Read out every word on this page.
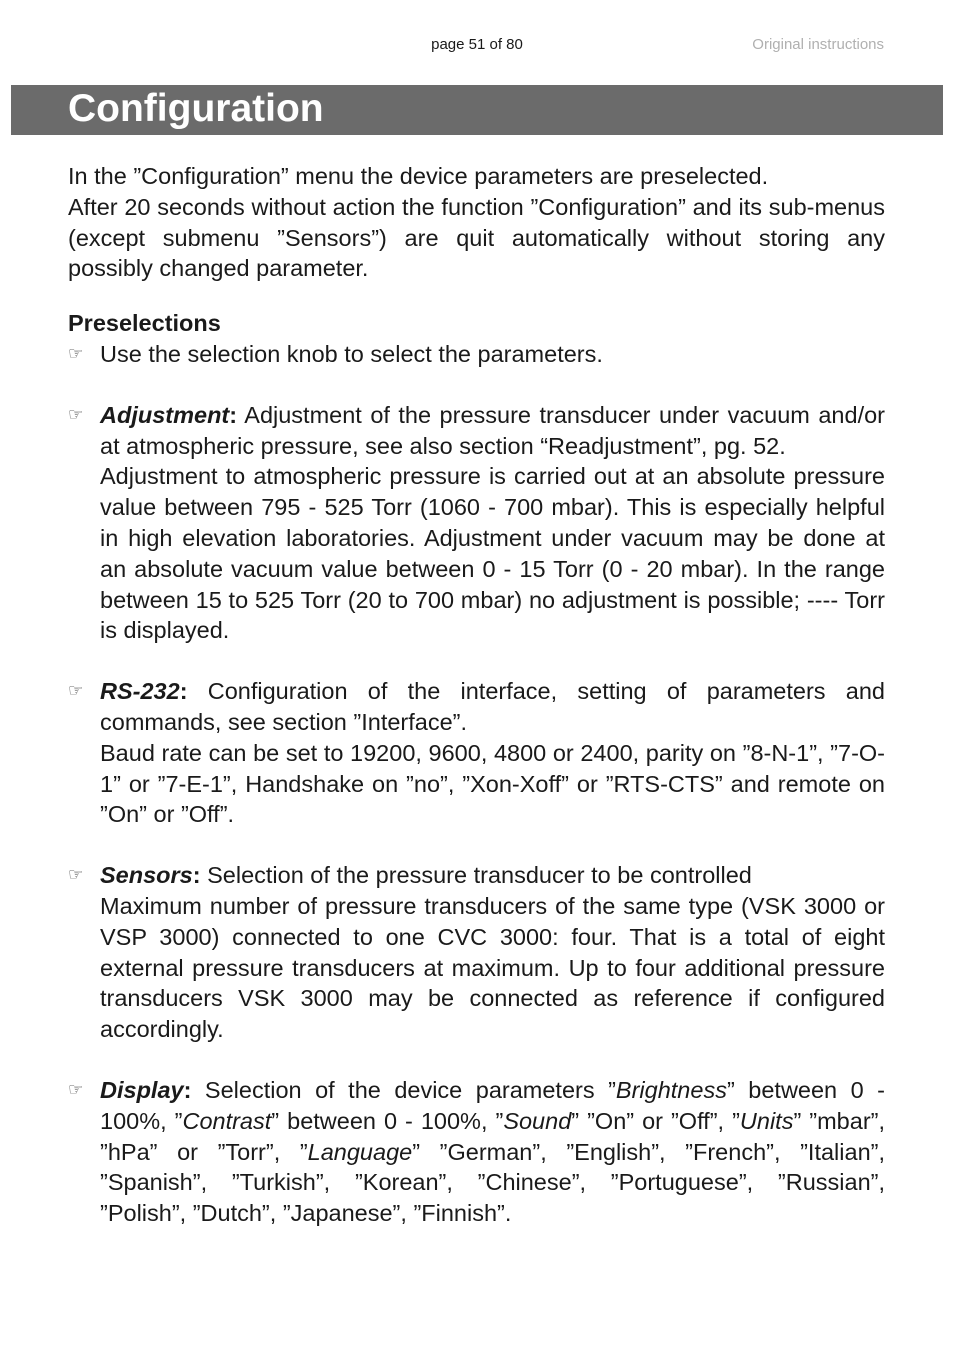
page 51 of 80	Original instructions
Configuration

In the ”Configuration” menu the device parameters are preselected.

After 20 seconds without action the function ”Configuration” and its sub-menus (except submenu ”Sensors”) are quit automatically without storing any possibly changed parameter.

Preselections

☞ Use the selection knob to select the parameters.

☞ Adjustment: Adjustment of the pressure transducer under vacuum and/or at atmospheric pressure, see also section “Readjustment”, pg. 52.
Adjustment to atmospheric pressure is carried out at an absolute pressure value between 795 - 525 Torr (1060 - 700 mbar). This is especially helpful in high elevation laboratories. Adjustment under vacuum may be done at an absolute vacuum value between 0 - 15 Torr (0 - 20 mbar). In the range between 15 to 525 Torr (20 to 700 mbar) no adjustment is possible; ---- Torr is displayed.
☞ RS-232: Configuration of the interface, setting of parameters and commands, see section ”Interface”.
Baud rate can be set to 19200, 9600, 4800 or 2400, parity on ”8-N-1”, ”7-O-1” or ”7-E-1”, Handshake on ”no”, ”Xon-Xoff” or ”RTS-CTS” and remote on ”On” or ”Off”.
☞ Sensors: Selection of the pressure transducer to be controlled
Maximum number of pressure transducers of the same type (VSK 3000 or VSP 3000) connected to one CVC 3000: four. That is a total of eight external pressure transducers at maximum. Up to four additional pressure transducers VSK 3000 may be connected as reference if configured accordingly.
☞ Display: Selection of the device parameters ”Brightness” between 0 - 100%, ”Contrast” between 0 - 100%, ”Sound” ”On” or ”Off”, ”Units” ”mbar”, ”hPa” or ”Torr”, ”Language” ”German”, ”English”, ”French”, ”Italian”, ”Spanish”, ”Turkish”, ”Korean”, ”Chinese”, ”Portuguese”, ”Russian”, ”Polish”, ”Dutch”, ”Japanese”, ”Finnish”.
